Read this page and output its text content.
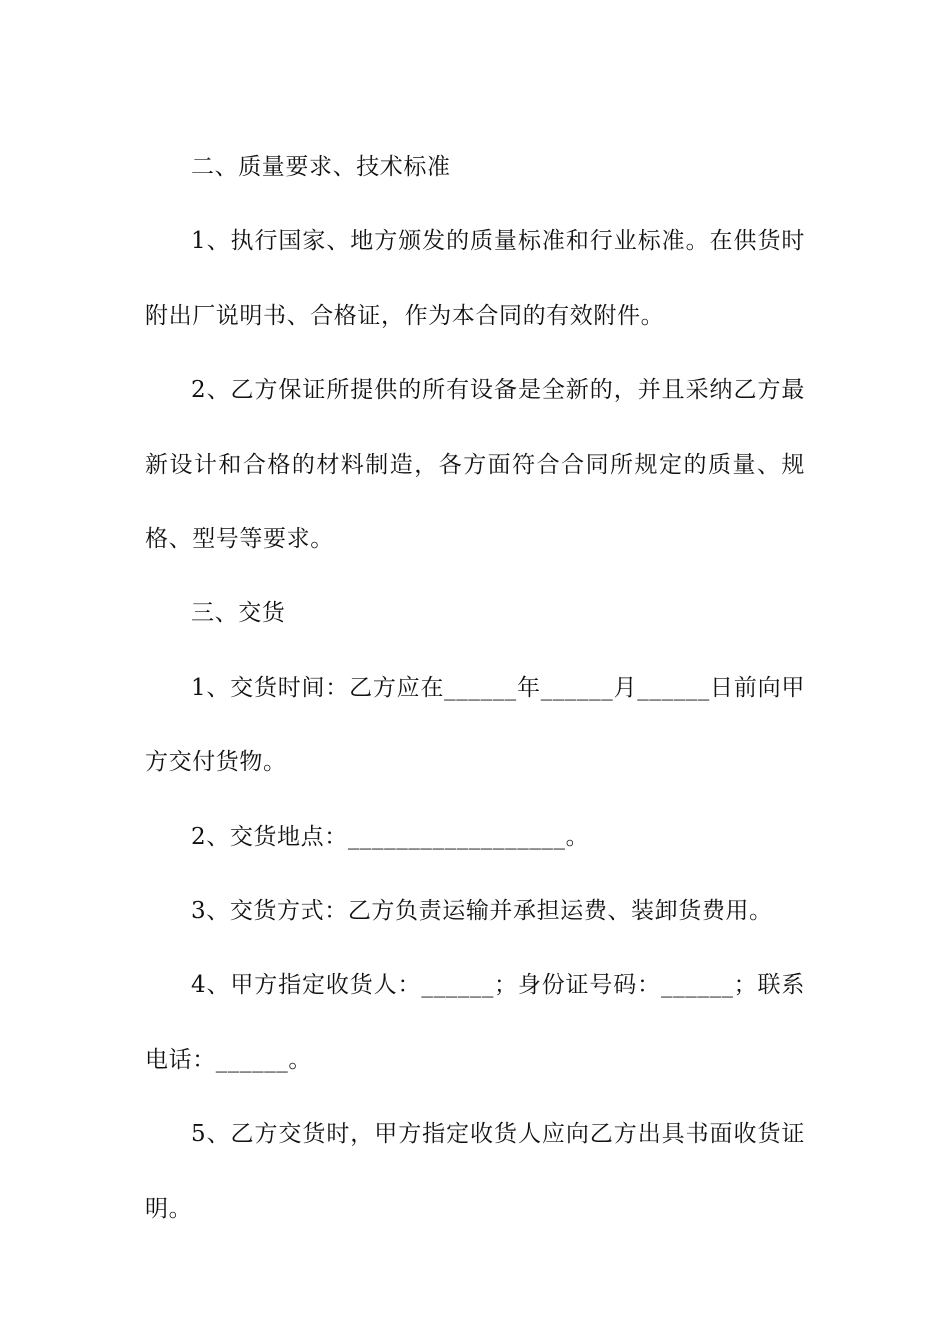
二、质量要求、技术标准

1、执行国家、地方颁发的质量标准和行业标准。在供货时附出厂说明书、合格证，作为本合同的有效附件。

2、乙方保证所提供的所有设备是全新的，并且采纳乙方最新设计和合格的材料制造，各方面符合合同所规定的质量、规格、型号等要求。

三、交货

1、交货时间：乙方应在______年______月______日前向甲方交付货物。

2、交货地点：__________________。

3、交货方式：乙方负责运输并承担运费、装卸货费用。

4、甲方指定收货人：______；身份证号码：______；联系电话：______。

5、乙方交货时，甲方指定收货人应向乙方出具书面收货证明。
